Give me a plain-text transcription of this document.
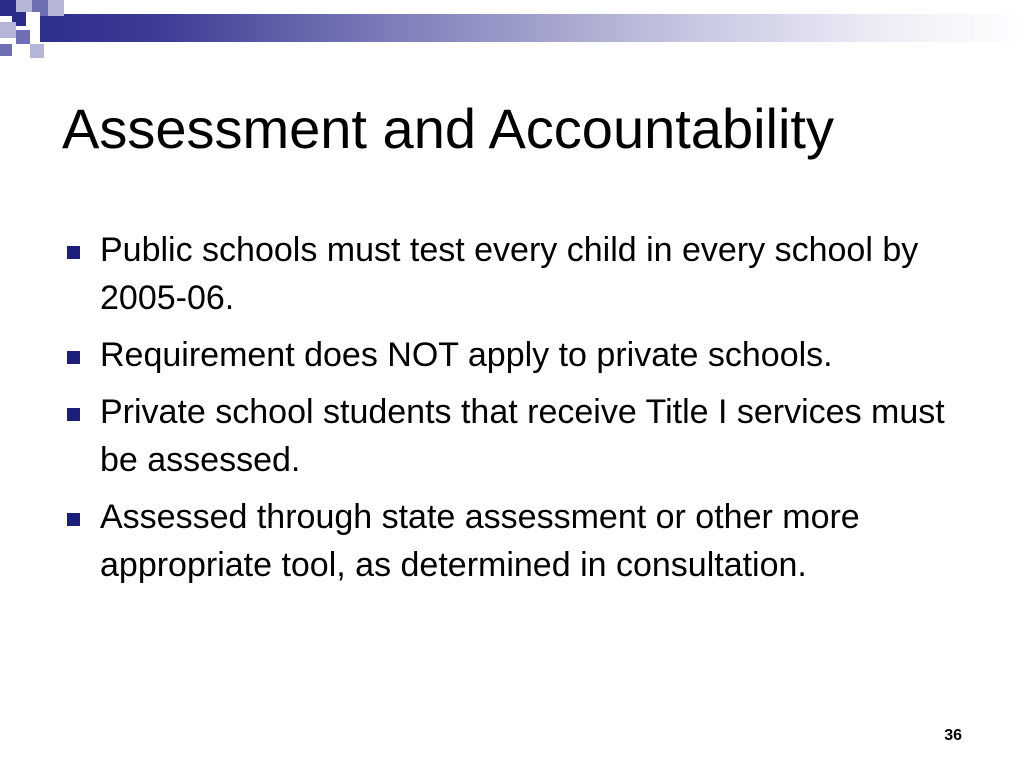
Assessment and Accountability
Public schools must test every child in every school by 2005-06.
Requirement does NOT apply to private schools.
Private school students that receive Title I services must be assessed.
Assessed through state assessment or other more appropriate tool, as determined in consultation.
36
